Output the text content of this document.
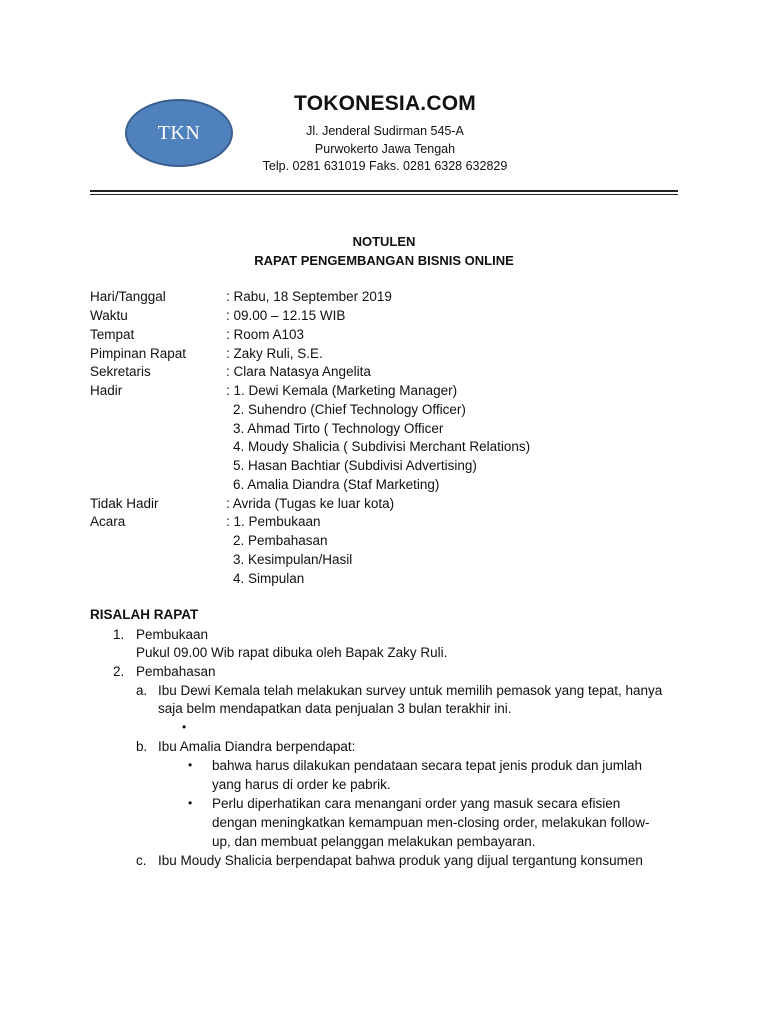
TKN
TOKONESIA.COM
Jl. Jenderal Sudirman 545-A
Purwokerto Jawa Tengah
Telp. 0281 631019 Faks. 0281 6328 632829
NOTULEN
RAPAT PENGEMBANGAN BISNIS ONLINE
Hari/Tanggal	: Rabu, 18 September 2019
Waktu	: 09.00 – 12.15 WIB
Tempat	: Room A103
Pimpinan Rapat	: Zaky Ruli, S.E.
Sekretaris	: Clara Natasya Angelita
Hadir	: 1. Dewi Kemala (Marketing Manager)
2. Suhendro (Chief Technology Officer)
3. Ahmad Tirto ( Technology Officer
4. Moudy Shalicia ( Subdivisi Merchant Relations)
5. Hasan Bachtiar (Subdivisi Advertising)
6. Amalia Diandra (Staf Marketing)
Tidak Hadir	: Avrida (Tugas ke luar kota)
Acara	: 1. Pembukaan
2. Pembahasan
3. Kesimpulan/Hasil
4. Simpulan
RISALAH RAPAT
1. Pembukaan
Pukul 09.00 Wib rapat dibuka oleh Bapak Zaky Ruli.
2. Pembahasan
a. Ibu Dewi Kemala telah melakukan survey untuk memilih pemasok yang tepat, hanya
saja belm mendapatkan data penjualan 3 bulan terakhir ini.
•
b. Ibu Amalia Diandra berpendapat:
• bahwa harus dilakukan pendataan secara tepat jenis produk dan jumlah
yang harus di order ke pabrik.
• Perlu diperhatikan cara menangani order yang masuk secara efisien
dengan meningkatkan kemampuan men-closing order, melakukan follow-
up, dan membuat pelanggan melakukan pembayaran.
c. Ibu Moudy Shalicia berpendapat bahwa produk yang dijual tergantung konsumen
